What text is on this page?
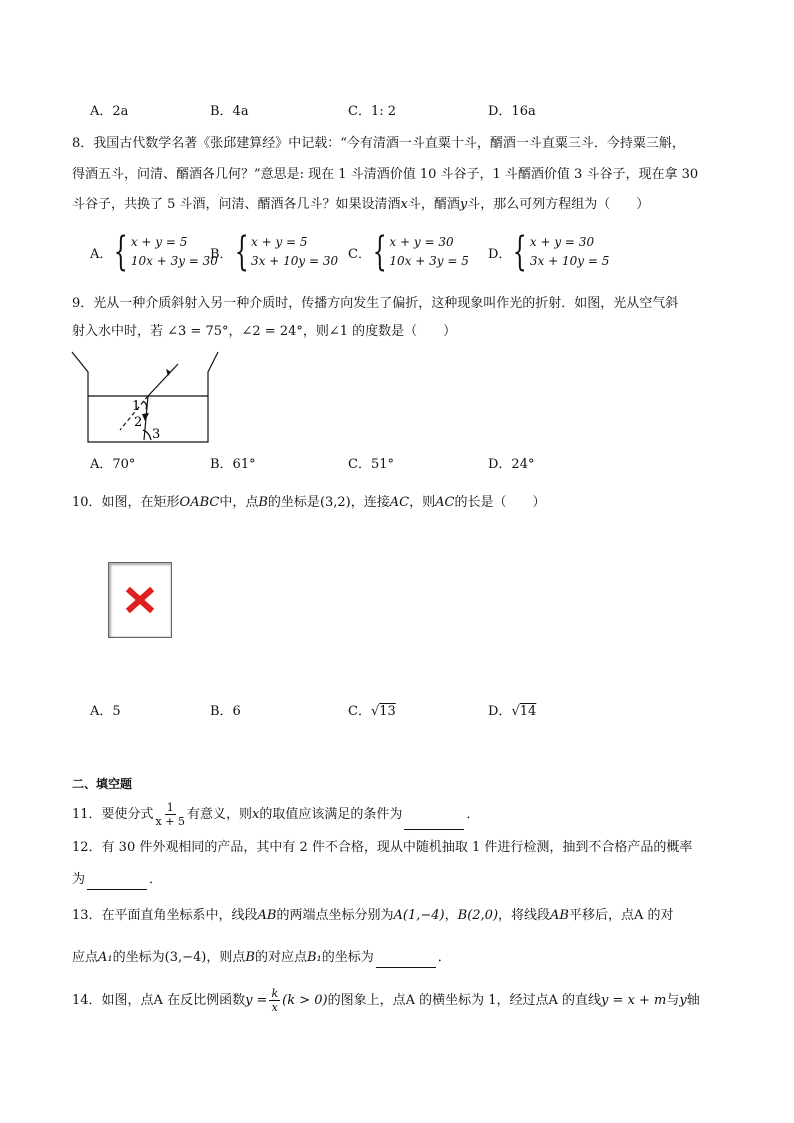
A．2a	B．4a	C．1: 2	D．16a
8．我国古代数学名著《张邱建算经》中记载：“今有清酒一斗直粟十斗，醑酒一斗直粟三斗．今持粟三斛，
得酒五斗，问清、醑酒各几何？”意思是: 现在 1 斗清酒价值 10 斗谷子，1 斗醑酒价值 3 斗谷子，现在拿 30
斗谷子，共换了 5 斗酒，问清、醑酒各几斗？如果设清酒x斗，醑酒y斗，那么可列方程组为（　　）
A． { x + y = 5
10x + 3y = 30
B． { x + y = 5
3x + 10y = 30 C． { x + y = 30
10x + 3y = 5 D． { x + y = 30
3x + 10y = 5
9．光从一种介质斜射入另一种介质时，传播方向发生了偏折，这种现象叫作光的折射．如图，光从空气斜
射入水中时，若 ∠3 = 75°，∠2 = 24°，则∠1 的度数是（　　）
1
2
3
A．70°	B．61°	C．51°	D．24°
10．如图，在矩形OABC中，点B的坐标是(3,2)，连接AC，则AC的长是（　　）
A．5	B．6	C．√13	D．√14
二、填空题
11．要使分式 $\frac{1}{x + 5}$ 有意义，则x的取值应该满足的条件为	．
12．有 30 件外观相同的产品，其中有 2 件不合格，现从中随机抽取 1 件进行检测，抽到不合格产品的概率
为	．
13．在平面直角坐标系中，线段AB的两端点坐标分别为A(1,−4)，B(2,0)，将线段AB平移后，点A 的对
应点A₁的坐标为(3,−4)，则点B的对应点B₁的坐标为	．
14．如图，点A 在反比例函数$y = \frac{k}{x} (k > 0)$的图象上，点A 的横坐标为 1，经过点A 的直线y = x + m与y轴
